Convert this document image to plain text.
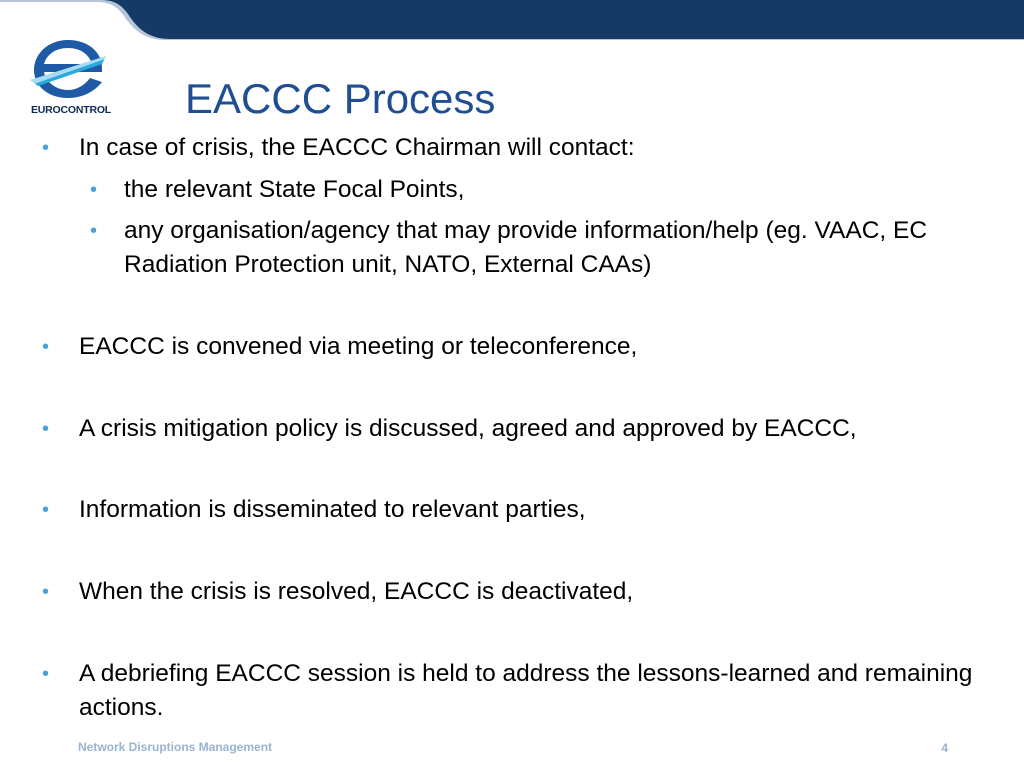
EUROCONTROL EACCC Process
• In case of crisis, the EACCC Chairman will contact:
• the relevant State Focal Points,
• any organisation/agency that may provide information/help (eg. VAAC, EC Radiation Protection unit, NATO, External CAAs)
• EACCC is convened via meeting or teleconference,
• A crisis mitigation policy is discussed, agreed and approved by EACCC,
• Information is disseminated to relevant parties,
• When the crisis is resolved, EACCC is deactivated,
• A debriefing EACCC session is held to address the lessons-learned and remaining actions.
Network Disruptions Management	4
